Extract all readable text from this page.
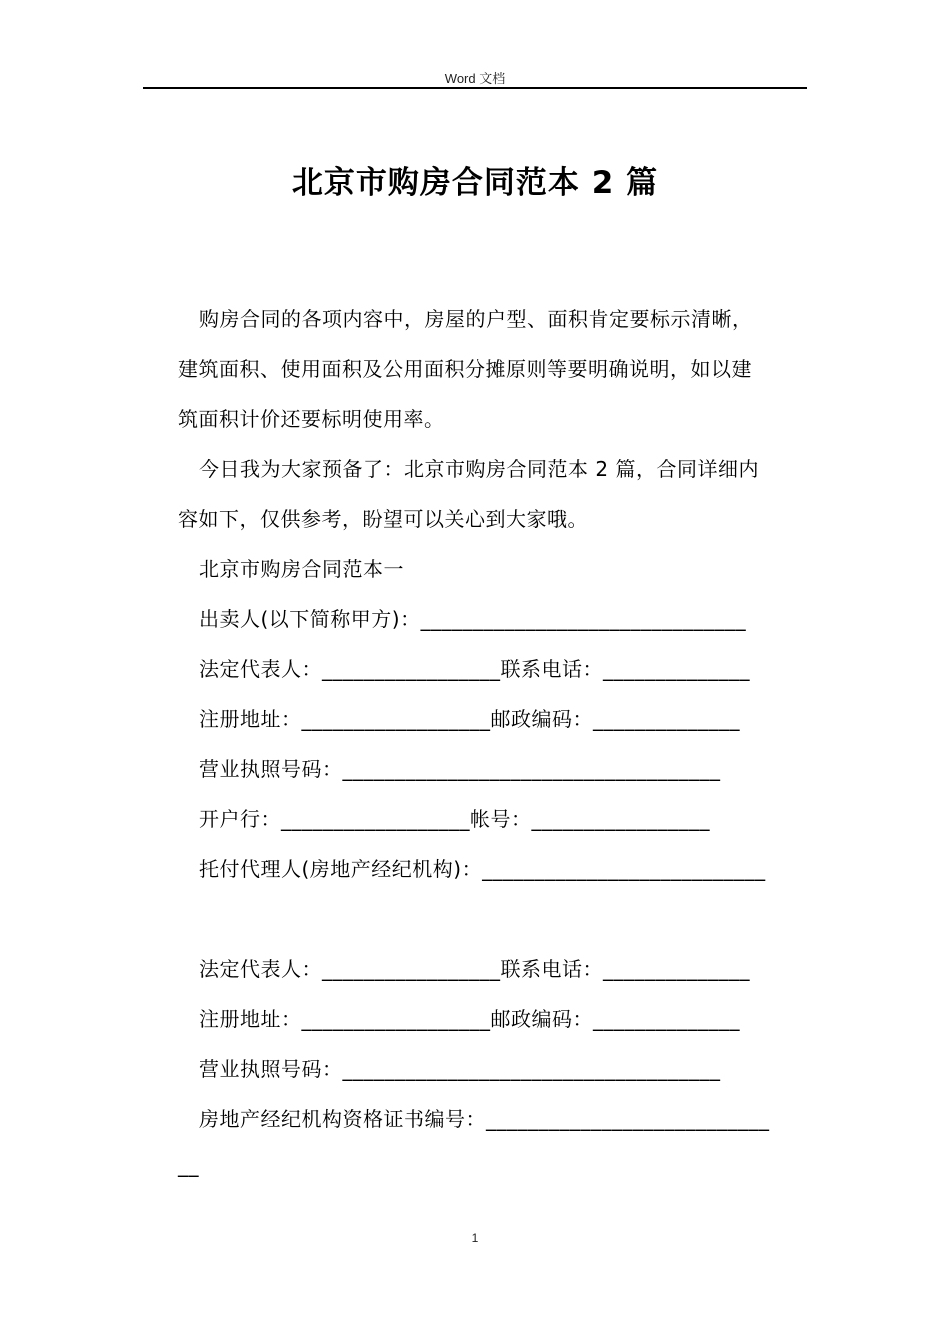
Word 文档
北京市购房合同范本 2 篇
购房合同的各项内容中，房屋的户型、面积肯定要标示清晰，
建筑面积、使用面积及公用面积分摊原则等要明确说明，如以建
筑面积计价还要标明使用率。
今日我为大家预备了：北京市购房合同范本 2 篇，合同详细内
容如下，仅供参考，盼望可以关心到大家哦。
北京市购房合同范本一
出卖人(以下简称甲方)：_______________________________
法定代表人：_________________联系电话：______________
注册地址：__________________邮政编码：______________
营业执照号码：____________________________________
开户行：__________________帐号：_________________
托付代理人(房地产经纪机构)：___________________________
法定代表人：_________________联系电话：______________
注册地址：__________________邮政编码：______________
营业执照号码：____________________________________
房地产经纪机构资格证书编号：___________________________
__
1
